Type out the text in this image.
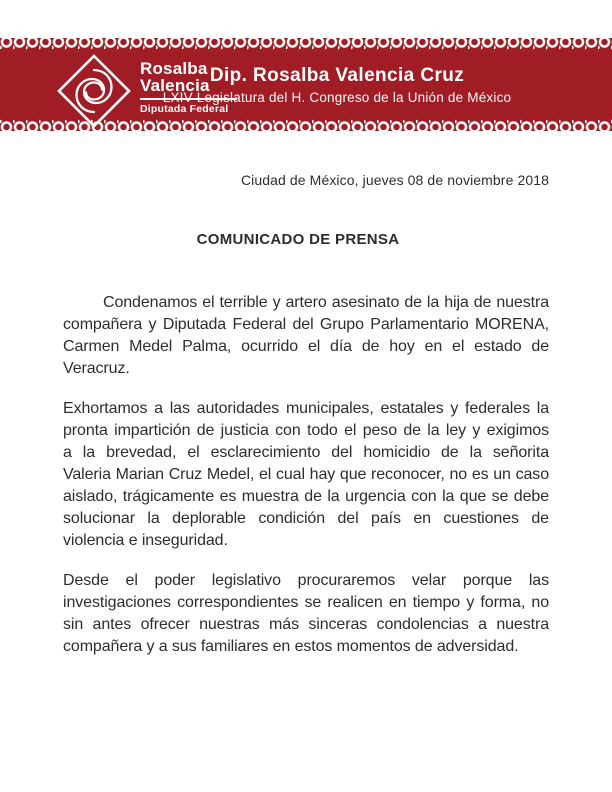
Rosalba
Valencia
Diputada Federal
Dip. Rosalba Valencia Cruz
LXIV Legislatura del H. Congreso de la Unión de México
Ciudad de México, jueves 08 de noviembre 2018
COMUNICADO DE PRENSA
Condenamos el terrible y artero asesinato de la hija de nuestra
compañera y Diputada Federal del Grupo Parlamentario MORENA,
Carmen Medel Palma, ocurrido el día de hoy en el estado de
Veracruz.
Exhortamos a las autoridades municipales, estatales y federales la
pronta impartición de justicia con todo el peso de la ley y exigimos
a la brevedad, el esclarecimiento del homicidio de la señorita
Valeria Marian Cruz Medel, el cual hay que reconocer, no es un caso
aislado, trágicamente es muestra de la urgencia con la que se debe
solucionar la deplorable condición del país en cuestiones de
violencia e inseguridad.
Desde el poder legislativo procuraremos velar porque las
investigaciones correspondientes se realicen en tiempo y forma, no
sin antes ofrecer nuestras más sinceras condolencias a nuestra
compañera y a sus familiares en estos momentos de adversidad.
